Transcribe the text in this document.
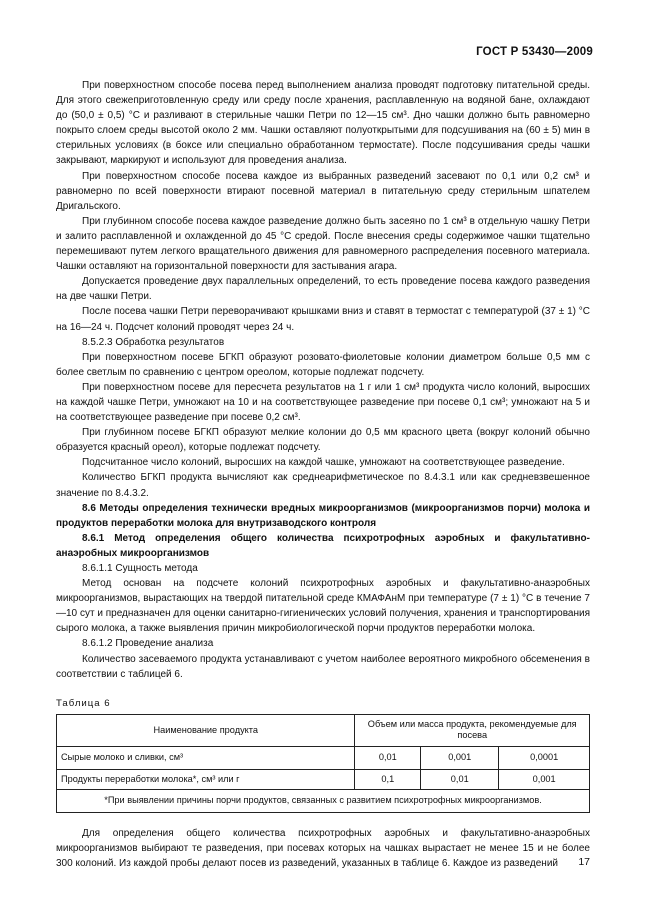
ГОСТ Р 53430—2009

При поверхностном способе посева перед выполнением анализа проводят подготовку питательной среды. Для этого свежеприготовленную среду или среду после хранения, расплавленную на водяной бане, охлаждают до (50,0 ± 0,5) °С и разливают в стерильные чашки Петри по 12—15 см³. Дно чашки должно быть равномерно покрыто слоем среды высотой около 2 мм. Чашки оставляют полуоткрытыми для подсушивания на (60 ± 5) мин в стерильных условиях (в боксе или специально обработанном термостате). После подсушивания среды чашки закрывают, маркируют и используют для проведения анализа.

При поверхностном способе посева каждое из выбранных разведений засевают по 0,1 или 0,2 см³ и равномерно по всей поверхности втирают посевной материал в питательную среду стерильным шпателем Дригальского.

При глубинном способе посева каждое разведение должно быть засеяно по 1 см³ в отдельную чашку Петри и залито расплавленной и охлажденной до 45 °С средой. После внесения среды содержимое чашки тщательно перемешивают путем легкого вращательного движения для равномерного распределения посевного материала. Чашки оставляют на горизонтальной поверхности для застывания агара.

Допускается проведение двух параллельных определений, то есть проведение посева каждого разведения на две чашки Петри.

После посева чашки Петри переворачивают крышками вниз и ставят в термостат с температурой (37 ± 1) °С на 16—24 ч. Подсчет колоний проводят через 24 ч.

8.5.2.3 Обработка результатов

При поверхностном посеве БГКП образуют розовато-фиолетовые колонии диаметром больше 0,5 мм с более светлым по сравнению с центром ореолом, которые подлежат подсчету.

При поверхностном посеве для пересчета результатов на 1 г или 1 см³ продукта число колоний, выросших на каждой чашке Петри, умножают на 10 и на соответствующее разведение при посеве 0,1 см³; умножают на 5 и на соответствующее разведение при посеве 0,2 см³.

При глубинном посеве БГКП образуют мелкие колонии до 0,5 мм красного цвета (вокруг колоний обычно образуется красный ореол), которые подлежат подсчету.

Подсчитанное число колоний, выросших на каждой чашке, умножают на соответствующее разведение.

Количество БГКП продукта вычисляют как среднеарифметическое по 8.4.3.1 или как средневзвешенное значение по 8.4.3.2.

8.6 Методы определения технически вредных микроорганизмов (микроорганизмов порчи) молока и продуктов переработки молока для внутризаводского контроля

8.6.1 Метод определения общего количества психротрофных аэробных и факультативно-анаэробных микроорганизмов

8.6.1.1 Сущность метода

Метод основан на подсчете колоний психротрофных аэробных и факультативно-анаэробных микроорганизмов, вырастающих на твердой питательной среде КМАФАнМ при температуре (7 ± 1) °С в течение 7—10 сут и предназначен для оценки санитарно-гигиенических условий получения, хранения и транспортирования сырого молока, а также выявления причин микробиологической порчи продуктов переработки молока.

8.6.1.2 Проведение анализа

Количество засеваемого продукта устанавливают с учетом наиболее вероятного микробного обсеменения в соответствии с таблицей 6.

Таблица 6

Наименование продукта	Объем или масса продукта, рекомендуемые для посева		
Сырые молоко и сливки, см³	0,01	0,001	0,0001
Продукты переработки молока*, см³ или г	0,1	0,01	0,001
*При выявлении причины порчи продуктов, связанных с развитием психротрофных микроорганизмов.			

Для определения общего количества психротрофных аэробных и факультативно-анаэробных микроорганизмов выбирают те разведения, при посевах которых на чашках вырастает не менее 15 и не более 300 колоний. Из каждой пробы делают посев из разведений, указанных в таблице 6. Каждое из разведений	17
